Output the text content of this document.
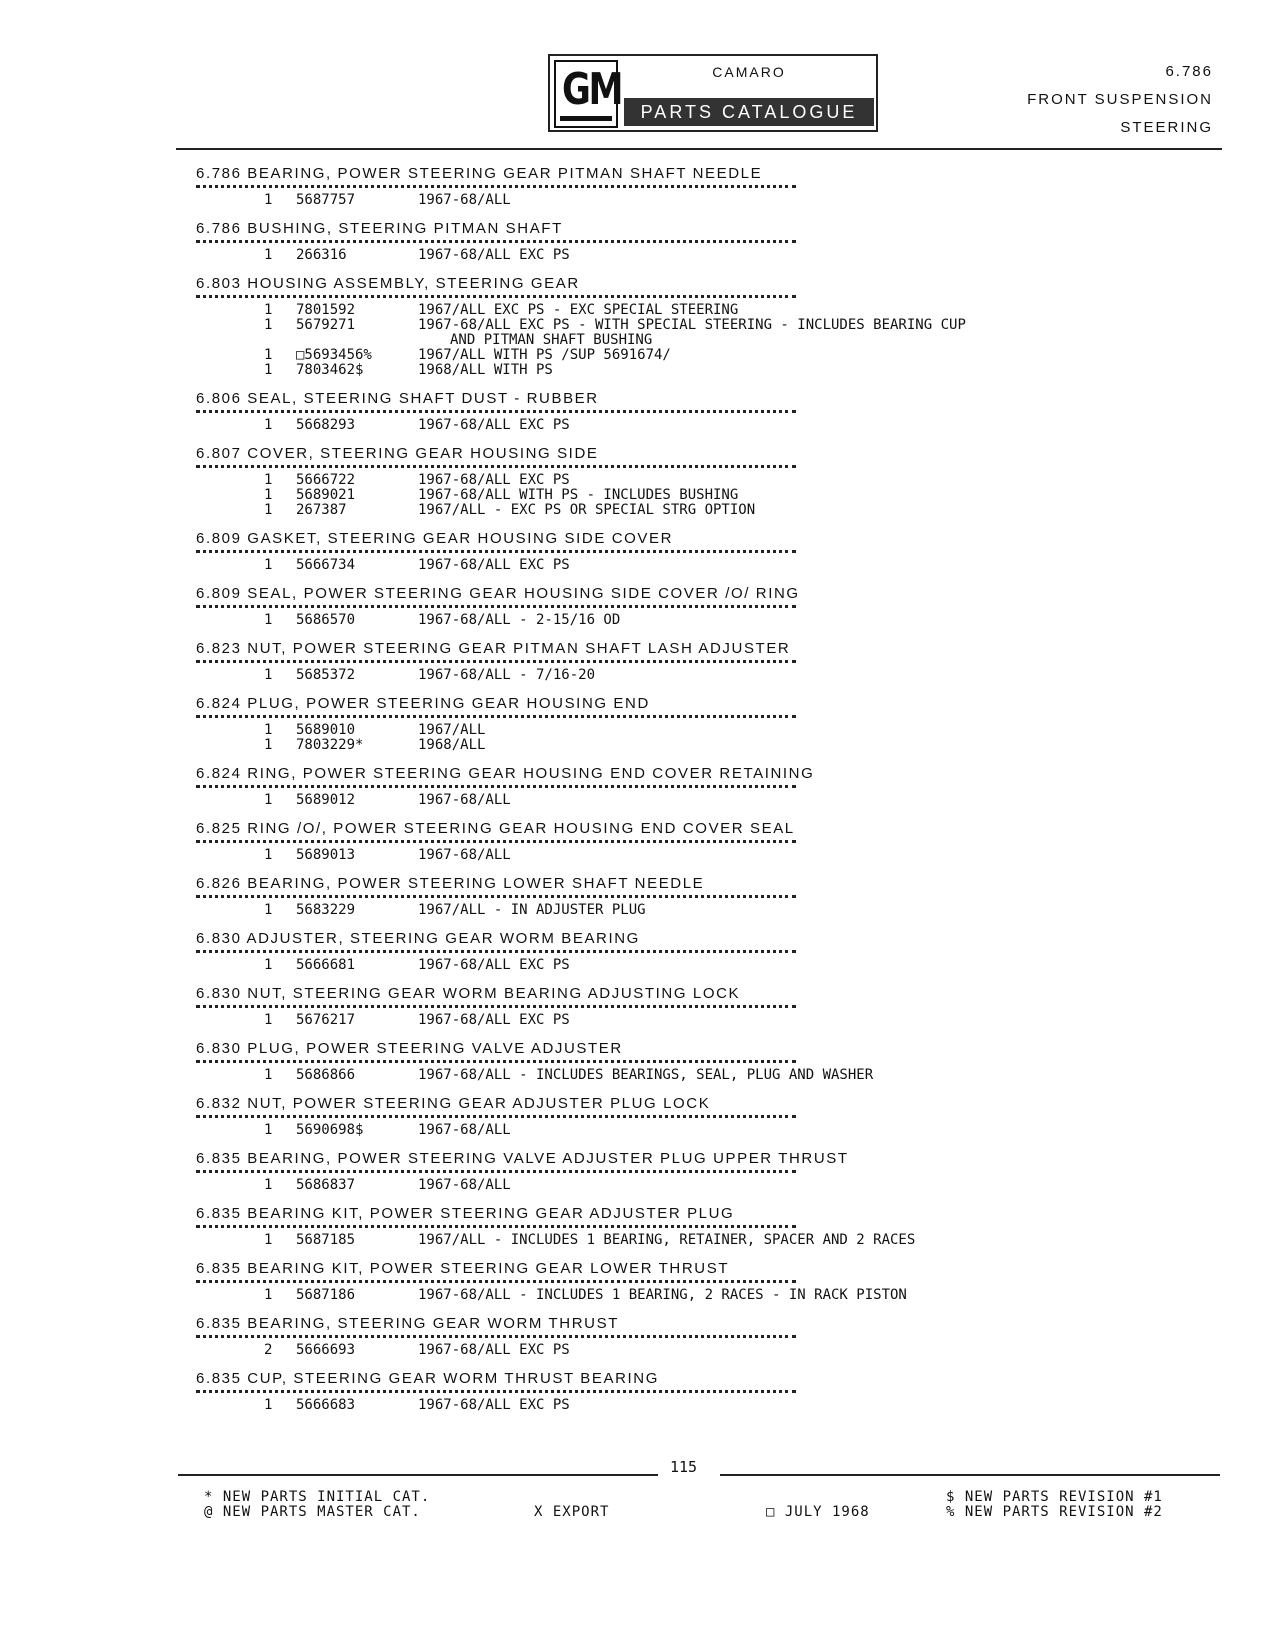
GM	CAMARO
PARTS CATALOGUE
6.786
FRONT SUSPENSION
STEERING
6.786 BEARING, POWER STEERING GEAR PITMAN SHAFT NEEDLE
1 5687757	1967-68/ALL
6.786 BUSHING, STEERING PITMAN SHAFT
1 266316	1967-68/ALL EXC PS
6.803 HOUSING ASSEMBLY, STEERING GEAR
1 7801592	1967/ALL EXC PS - EXC SPECIAL STEERING
1 5679271	1967-68/ALL EXC PS - WITH SPECIAL STEERING - INCLUDES BEARING CUP
AND PITMAN SHAFT BUSHING
1 □5693456%	1967/ALL WITH PS /SUP 5691674/
1 7803462$	1968/ALL WITH PS
6.806 SEAL, STEERING SHAFT DUST - RUBBER
1 5668293	1967-68/ALL EXC PS
6.807 COVER, STEERING GEAR HOUSING SIDE
1 5666722	1967-68/ALL EXC PS
1 5689021	1967-68/ALL WITH PS - INCLUDES BUSHING
1 267387	1967/ALL - EXC PS OR SPECIAL STRG OPTION
6.809 GASKET, STEERING GEAR HOUSING SIDE COVER
1 5666734	1967-68/ALL EXC PS
6.809 SEAL, POWER STEERING GEAR HOUSING SIDE COVER /O/ RING
1 5686570	1967-68/ALL - 2-15/16 OD
6.823 NUT, POWER STEERING GEAR PITMAN SHAFT LASH ADJUSTER
1 5685372	1967-68/ALL - 7/16-20
6.824 PLUG, POWER STEERING GEAR HOUSING END
1 5689010	1967/ALL
1 7803229*	1968/ALL
6.824 RING, POWER STEERING GEAR HOUSING END COVER RETAINING
1 5689012	1967-68/ALL
6.825 RING /O/, POWER STEERING GEAR HOUSING END COVER SEAL
1 5689013	1967-68/ALL
6.826 BEARING, POWER STEERING LOWER SHAFT NEEDLE
1 5683229	1967/ALL - IN ADJUSTER PLUG
6.830 ADJUSTER, STEERING GEAR WORM BEARING
1 5666681	1967-68/ALL EXC PS
6.830 NUT, STEERING GEAR WORM BEARING ADJUSTING LOCK
1 5676217	1967-68/ALL EXC PS
6.830 PLUG, POWER STEERING VALVE ADJUSTER
1 5686866	1967-68/ALL - INCLUDES BEARINGS, SEAL, PLUG AND WASHER
6.832 NUT, POWER STEERING GEAR ADJUSTER PLUG LOCK
1 5690698$	1967-68/ALL
6.835 BEARING, POWER STEERING VALVE ADJUSTER PLUG UPPER THRUST
1 5686837	1967-68/ALL
6.835 BEARING KIT, POWER STEERING GEAR ADJUSTER PLUG
1 5687185	1967/ALL - INCLUDES 1 BEARING, RETAINER, SPACER AND 2 RACES
6.835 BEARING KIT, POWER STEERING GEAR LOWER THRUST
1 5687186	1967-68/ALL - INCLUDES 1 BEARING, 2 RACES - IN RACK PISTON
6.835 BEARING, STEERING GEAR WORM THRUST
2 5666693	1967-68/ALL EXC PS
6.835 CUP, STEERING GEAR WORM THRUST BEARING
1 5666683	1967-68/ALL EXC PS
115
* NEW PARTS INITIAL CAT.
@ NEW PARTS MASTER CAT.	X EXPORT	□ JULY 1968
$ NEW PARTS REVISION #1
% NEW PARTS REVISION #2
